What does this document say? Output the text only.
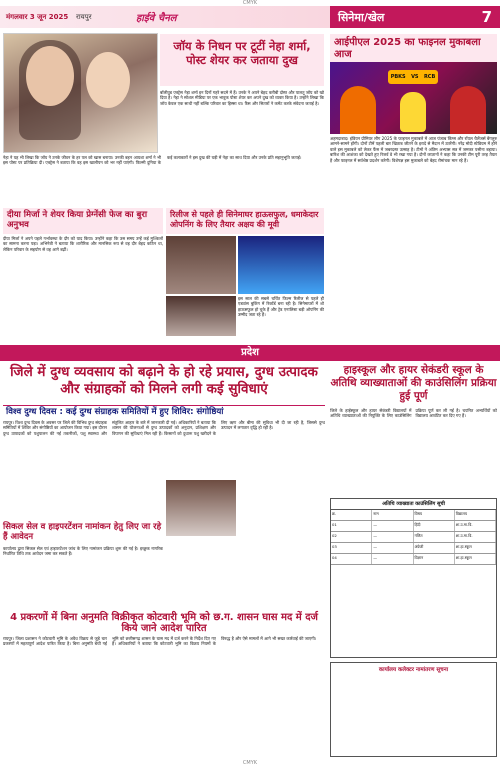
CMYK
मंगलवार 3 जून 2025	रायपुर	हाईवे चैनल	सिनेमा/खेल	7
जॉय के निधन पर टूटीं नेहा शर्मा, पोस्ट शेयर कर जताया दुख
बॉलीवुड एक्ट्रेस नेहा शर्मा इन दिनों गहरे सदमे में हैं। उनके ने अपने बेहद करीबी दोस्त और पालतू जॉय को खो दिया है। नेहा ने सोशल मीडिया पर एक भावुक पोस्ट शेयर कर अपने दुख को व्यक्त किया है। उन्होंने लिखा कि जॉय केवल एक साथी नहीं बल्कि परिवार का हिस्सा था। फैंस और सितारों ने कमेंट करके संवेदना जताई है।
नेहा ने यह भी लिखा कि जॉय ने उनके जीवन के हर पल को खास बनाया। उनकी बहन आयशा शर्मा ने भी इस पोस्ट पर प्रतिक्रिया दी। एक्ट्रेस ने बताया कि वह इस खालीपन को भर नहीं पाएंगी। फिल्मी दुनिया के कई कलाकारों ने इस दुख की घड़ी में नेहा का साथ दिया और उनके प्रति सहानुभूति जताई।
दीया मिर्जा ने शेयर किया प्रेग्नेंसी फेज का बुरा अनुभव
रिलीज से पहले ही सिनेमाघर हाऊसफुल, धमाकेदार ओपनिंग के लिए तैयार अक्षय की मूवी
दीया मिर्जा ने अपने पहले गर्भावस्था के दौर को याद किया। उन्होंने कहा कि उस समय उन्हें कई मुश्किलों का सामना करना पड़ा। अभिनेत्री ने बताया कि शारीरिक और मानसिक रूप से वह दौर बेहद कठिन था, लेकिन परिवार के सहयोग से वह आगे बढ़ीं।
इस साल की सबसे चर्चित फिल्म रिलीज से पहले ही एडवांस बुकिंग में रिकॉर्ड बना रही है। सिनेमाघरों में शो हाऊसफुल हो चुके हैं और ट्रेड एनालिस्ट बड़ी ओपनिंग की उम्मीद जता रहे हैं।
आईपीएल 2025 का फाइनल मुकाबला आज
PBKS VS RCB
अहमदाबाद। इंडियन प्रीमियर लीग 2025 के फाइनल मुकाबले में आज पंजाब किंग्स और रॉयल चैलेंजर्स बेंगलुरु आमने-सामने होंगी। दोनों टीमें पहली बार खिताब जीतने के इरादे से मैदान में उतरेंगी। नरेंद्र मोदी स्टेडियम में होने वाले इस मुकाबले को लेकर फैंस में जबरदस्त उत्साह है। टीमों ने अंतिम अभ्यास सत्र में जमकर पसीना बहाया। बारिश की आशंका को देखते हुए रिजर्व डे भी रखा गया है। दोनों कप्तानों ने कहा कि उनकी टीम पूरी तरह तैयार है और फाइनल में सर्वश्रेष्ठ प्रदर्शन करेगी। विशेषज्ञ इस मुकाबले को बेहद रोमांचक मान रहे हैं।
प्रदेश
जिले में दुग्ध व्यवसाय को बढ़ाने के हो रहे प्रयास, दुग्ध उत्पादक और संग्राहकों को मिलने लगी कई सुविधाएं
विश्व दुग्ध दिवस : कई दुग्ध संग्राहक समितियों में हुए शिविर: संगोष्ठियां
रायपुर। विश्व दुग्ध दिवस के अवसर पर जिले की विभिन्न दुग्ध संग्राहक समितियों में शिविर और संगोष्ठियों का आयोजन किया गया। इस दौरान दुग्ध उत्पादकों को पशुपालन की नई तकनीकों, पशु स्वास्थ्य और संतुलित आहार के बारे में जानकारी दी गई। अधिकारियों ने बताया कि शासन की योजनाओं से दुग्ध उत्पादकों को अनुदान, प्रशिक्षण और विपणन की सुविधाएं मिल रही हैं। किसानों को दुधारू पशु खरीदने के लिए ऋण और बीमा की सुविधा भी दी जा रही है, जिससे दुग्ध उत्पादन में लगातार वृद्धि हो रही है।
हाइस्कूल और हायर सेकंडरी स्कूल के अतिथि व्याख्याताओं की काउंसिलिंग प्रक्रिया हुई पूर्ण
जिले के हाईस्कूल और हायर सेकंडरी विद्यालयों में अतिथि व्याख्याताओं की नियुक्ति के लिए काउंसिलिंग प्रक्रिया पूर्ण कर ली गई है। चयनित अभ्यर्थियों को विद्यालय आवंटित कर दिए गए हैं।
सिकल सेल व हाइपरटेंशन नामांकन हेतु लिए जा रहे हैं आवेदन
कार्यालय द्वारा सिकल सेल एवं हाइपरटेंशन जांच के लिए नामांकन प्रक्रिया शुरू की गई है। इच्छुक नागरिक निर्धारित तिथि तक आवेदन जमा कर सकते हैं।
अतिथि व्याख्याता काउंसिलिंग सूची
क्र.	नाम	विषय	विद्यालय
01	—	हिंदी	शा.उ.मा.वि.
02	—	गणित	शा.उ.मा.वि.
03	—	अंग्रेजी	शा.हा.स्कूल
04	—	विज्ञान	शा.हा.स्कूल
4 प्रकरणों में बिना अनुमति विक्रीकृत कोटवारी भूमि को छ.ग. शासन घास मद में दर्ज किये जाने आदेश पारित
रायपुर। जिला प्रशासन ने कोटवारी भूमि के अवैध विक्रय से जुड़े चार प्रकरणों में महत्वपूर्ण आदेश पारित किया है। बिना अनुमति बेची गई भूमि को छत्तीसगढ़ शासन के घास मद में दर्ज करने के निर्देश दिए गए हैं। अधिकारियों ने बताया कि कोटवारी भूमि का विक्रय नियमों के विरुद्ध है और ऐसे मामलों में आगे भी सख्त कार्रवाई की जाएगी।
कार्यालय कलेक्टर नामांतरण सूचना
CMYK
